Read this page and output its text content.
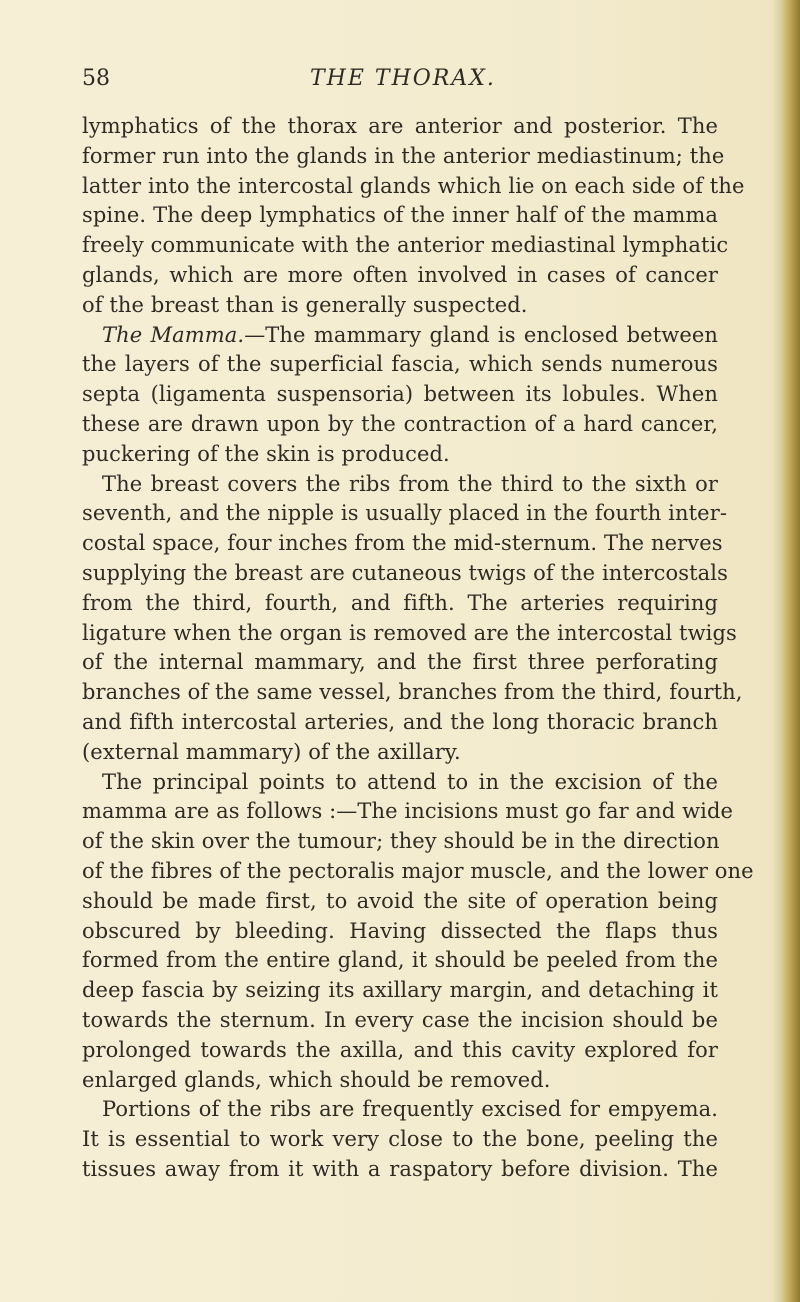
58	THE THORAX.
lymphatics of the thorax are anterior and posterior. The
former run into the glands in the anterior mediastinum; the
latter into the intercostal glands which lie on each side of the
spine. The deep lymphatics of the inner half of the mamma
freely communicate with the anterior mediastinal lymphatic
glands, which are more often involved in cases of cancer
of the breast than is generally suspected.
The Mamma.—The mammary gland is enclosed between
the layers of the superficial fascia, which sends numerous
septa (ligamenta suspensoria) between its lobules. When
these are drawn upon by the contraction of a hard cancer,
puckering of the skin is produced.
The breast covers the ribs from the third to the sixth or
seventh, and the nipple is usually placed in the fourth inter-
costal space, four inches from the mid-sternum. The nerves
supplying the breast are cutaneous twigs of the intercostals
from the third, fourth, and fifth. The arteries requiring
ligature when the organ is removed are the intercostal twigs
of the internal mammary, and the first three perforating
branches of the same vessel, branches from the third, fourth,
and fifth intercostal arteries, and the long thoracic branch
(external mammary) of the axillary.
The principal points to attend to in the excision of the
mamma are as follows :—The incisions must go far and wide
of the skin over the tumour; they should be in the direction
of the fibres of the pectoralis major muscle, and the lower one
should be made first, to avoid the site of operation being
obscured by bleeding. Having dissected the flaps thus
formed from the entire gland, it should be peeled from the
deep fascia by seizing its axillary margin, and detaching it
towards the sternum. In every case the incision should be
prolonged towards the axilla, and this cavity explored for
enlarged glands, which should be removed.
Portions of the ribs are frequently excised for empyema.
It is essential to work very close to the bone, peeling the
tissues away from it with a raspatory before division. The
